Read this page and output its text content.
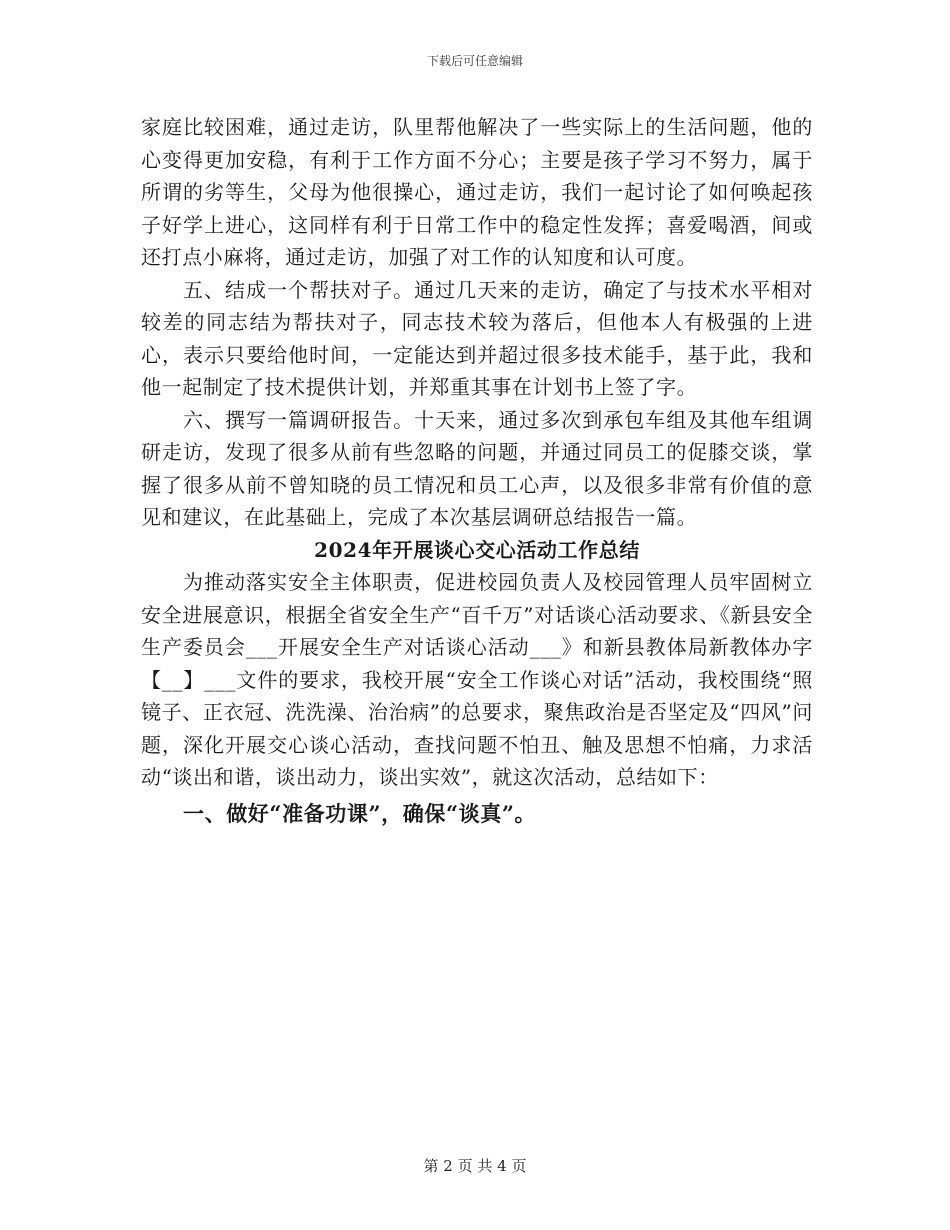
下载后可任意编辑

家庭比较困难，通过走访，队里帮他解决了一些实际上的生活问题，他的心变得更加安稳，有利于工作方面不分心；主要是孩子学习不努力，属于所谓的劣等生，父母为他很操心，通过走访，我们一起讨论了如何唤起孩子好学上进心，这同样有利于日常工作中的稳定性发挥；喜爱喝酒，间或还打点小麻将，通过走访，加强了对工作的认知度和认可度。

五、结成一个帮扶对子。通过几天来的走访，确定了与技术水平相对较差的同志结为帮扶对子，同志技术较为落后，但他本人有极强的上进心，表示只要给他时间，一定能达到并超过很多技术能手，基于此，我和他一起制定了技术提供计划，并郑重其事在计划书上签了字。

六、撰写一篇调研报告。十天来，通过多次到承包车组及其他车组调研走访，发现了很多从前有些忽略的问题，并通过同员工的促膝交谈，掌握了很多从前不曾知晓的员工情况和员工心声，以及很多非常有价值的意见和建议，在此基础上，完成了本次基层调研总结报告一篇。

2024年开展谈心交心活动工作总结

为推动落实安全主体职责，促进校园负责人及校园管理人员牢固树立安全进展意识，根据全省安全生产“百千万”对话谈心活动要求、《新县安全生产委员会___开展安全生产对话谈心活动___》和新县教体局新教体办字【__】___文件的要求，我校开展“安全工作谈心对话”活动，我校围绕“照镜子、正衣冠、洗洗澡、治治病”的总要求，聚焦政治是否坚定及“四风”问题，深化开展交心谈心活动，查找问题不怕丑、触及思想不怕痛，力求活动“谈出和谐，谈出动力，谈出实效”，就这次活动，总结如下：

一、做好“准备功课”，确保“谈真”。
第 2 页 共 4 页
